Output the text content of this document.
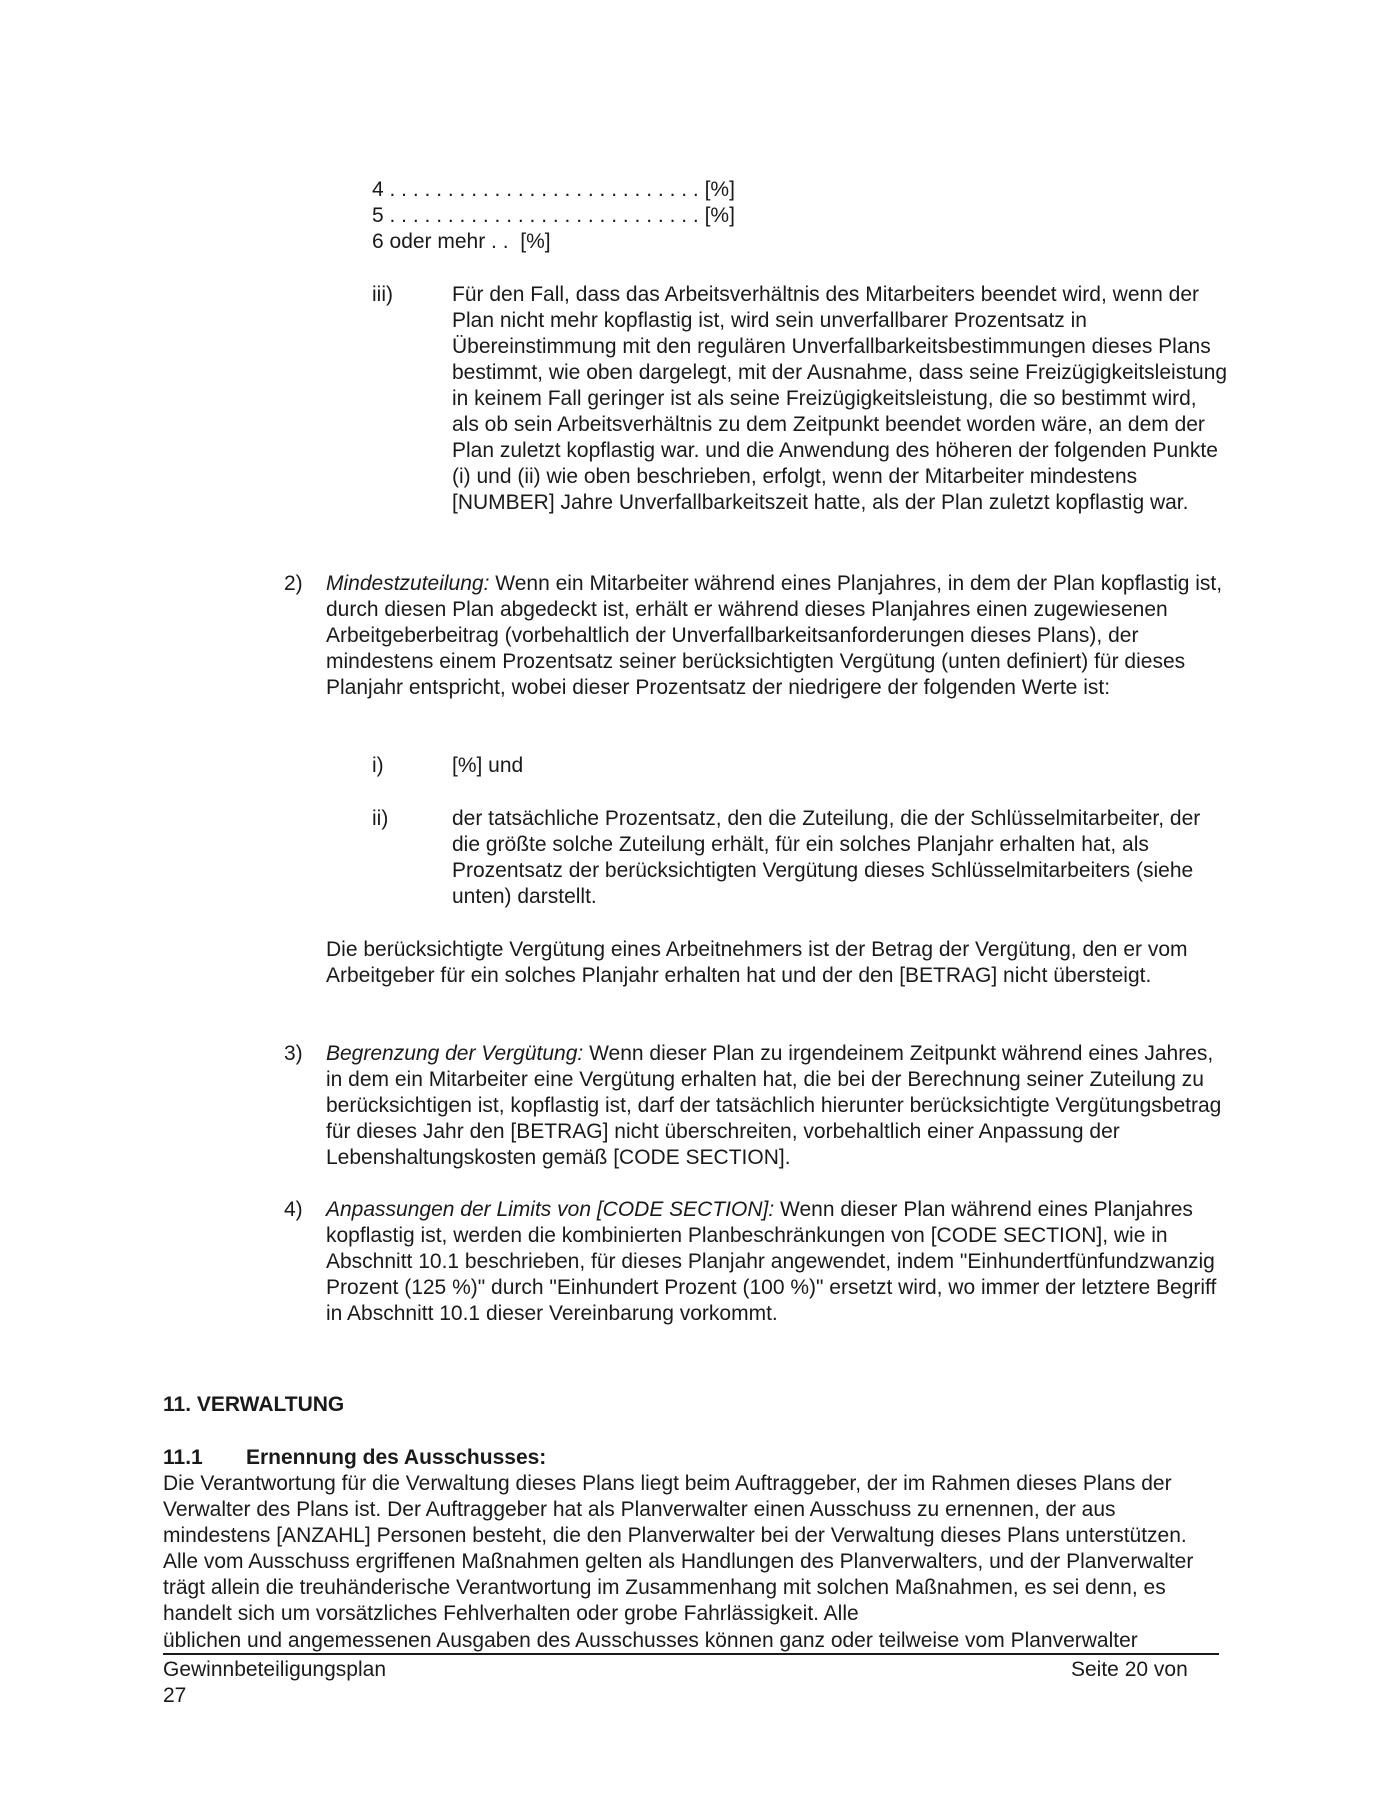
4 . . . . . . . . . . . . . . . . . . . . . . . . . . . [%]
5 . . . . . . . . . . . . . . . . . . . . . . . . . . . [%]
6 oder mehr . .  [%]
iii)	Für den Fall, dass das Arbeitsverhältnis des Mitarbeiters beendet wird, wenn der Plan nicht mehr kopflastig ist, wird sein unverfallbarer Prozentsatz in Übereinstimmung mit den regulären Unverfallbarkeitsbestimmungen dieses Plans bestimmt, wie oben dargelegt, mit der Ausnahme, dass seine Freizügigkeitsleistung in keinem Fall geringer ist als seine Freizügigkeitsleistung, die so bestimmt wird, als ob sein Arbeitsverhältnis zu dem Zeitpunkt beendet worden wäre, an dem der Plan zuletzt kopflastig war. und die Anwendung des höheren der folgenden Punkte (i) und (ii) wie oben beschrieben, erfolgt, wenn der Mitarbeiter mindestens [NUMBER] Jahre Unverfallbarkeitszeit hatte, als der Plan zuletzt kopflastig war.
2) Mindestzuteilung: Wenn ein Mitarbeiter während eines Planjahres, in dem der Plan kopflastig ist, durch diesen Plan abgedeckt ist, erhält er während dieses Planjahres einen zugewiesenen Arbeitgeberbeitrag (vorbehaltlich der Unverfallbarkeitsanforderungen dieses Plans), der mindestens einem Prozentsatz seiner berücksichtigten Vergütung (unten definiert) für dieses Planjahr entspricht, wobei dieser Prozentsatz der niedrigere der folgenden Werte ist:
i)	[%] und
ii)	der tatsächliche Prozentsatz, den die Zuteilung, die der Schlüsselmitarbeiter, der die größte solche Zuteilung erhält, für ein solches Planjahr erhalten hat, als Prozentsatz der berücksichtigten Vergütung dieses Schlüsselmitarbeiters (siehe unten) darstellt.
Die berücksichtigte Vergütung eines Arbeitnehmers ist der Betrag der Vergütung, den er vom Arbeitgeber für ein solches Planjahr erhalten hat und der den [BETRAG] nicht übersteigt.
3) Begrenzung der Vergütung: Wenn dieser Plan zu irgendeinem Zeitpunkt während eines Jahres, in dem ein Mitarbeiter eine Vergütung erhalten hat, die bei der Berechnung seiner Zuteilung zu berücksichtigen ist, kopflastig ist, darf der tatsächlich hierunter berücksichtigte Vergütungsbetrag für dieses Jahr den [BETRAG] nicht überschreiten, vorbehaltlich einer Anpassung der Lebenshaltungskosten gemäß [CODE SECTION].
4) Anpassungen der Limits von [CODE SECTION]: Wenn dieser Plan während eines Planjahres kopflastig ist, werden die kombinierten Planbeschränkungen von [CODE SECTION], wie in Abschnitt 10.1 beschrieben, für dieses Planjahr angewendet, indem "Einhundertfünfundzwanzig Prozent (125 %)" durch "Einhundert Prozent (100 %)" ersetzt wird, wo immer der letztere Begriff in Abschnitt 10.1 dieser Vereinbarung vorkommt.
11. VERWALTUNG
11.1 Ernennung des Ausschusses:
Die Verantwortung für die Verwaltung dieses Plans liegt beim Auftraggeber, der im Rahmen dieses Plans der Verwalter des Plans ist. Der Auftraggeber hat als Planverwalter einen Ausschuss zu ernennen, der aus mindestens [ANZAHL] Personen besteht, die den Planverwalter bei der Verwaltung dieses Plans unterstützen. Alle vom Ausschuss ergriffenen Maßnahmen gelten als Handlungen des Planverwalters, und der Planverwalter trägt allein die treuhänderische Verantwortung im Zusammenhang mit solchen Maßnahmen, es sei denn, es handelt sich um vorsätzliches Fehlverhalten oder grobe Fahrlässigkeit. Alle
üblichen und angemessenen Ausgaben des Ausschusses können ganz oder teilweise vom Planverwalter
Gewinnbeteiligungsplan	Seite 20 von
27
